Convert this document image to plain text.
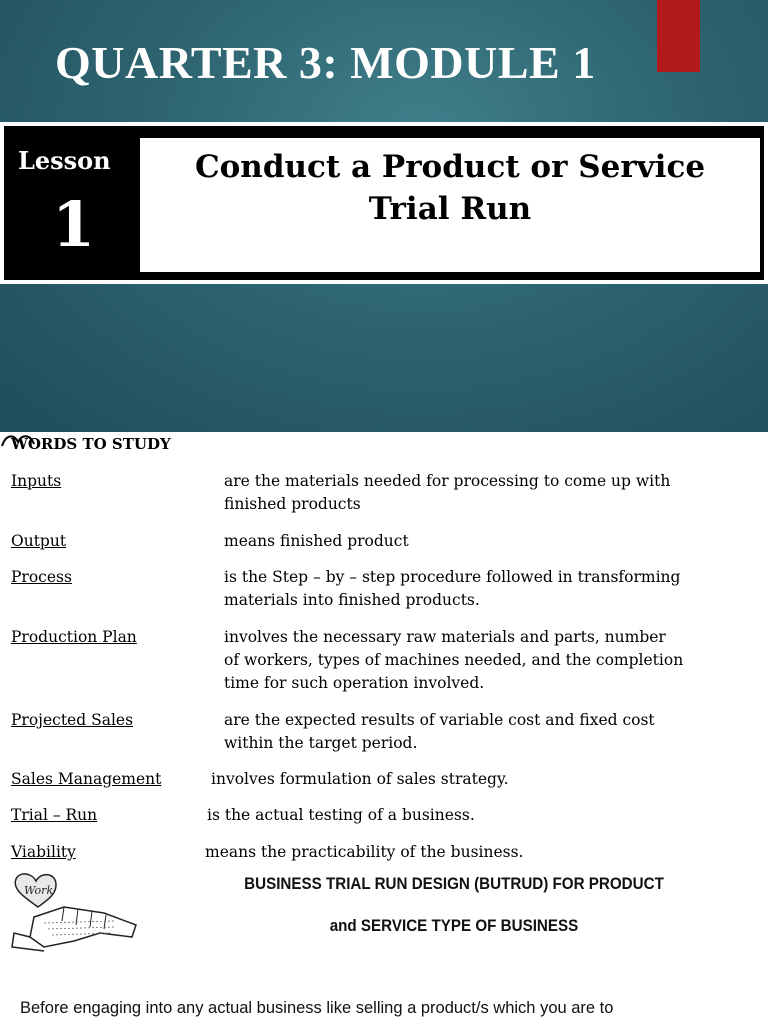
QUARTER 3: MODULE 1
Lesson
1
Conduct a Product or Service
Trial Run
WORDS TO STUDY
Inputs	are the materials needed for processing to come up with
finished products
Output	means finished product
Process	is the Step – by – step procedure followed in transforming
materials into finished products.
Production Plan	involves the necessary raw materials and parts, number
of workers, types of machines needed, and the completion
time for such operation involved.
Projected Sales	are the expected results of variable cost and fixed cost
within the target period.
Sales Management	involves formulation of sales strategy.
Trial – Run	is the actual testing of a business.
Viability	means the practicability of the business.
Work	BUSINESS TRIAL RUN DESIGN (BUTRUD) FOR PRODUCT
and SERVICE TYPE OF BUSINESS
Before engaging into any actual business like selling a product/s which you are to
